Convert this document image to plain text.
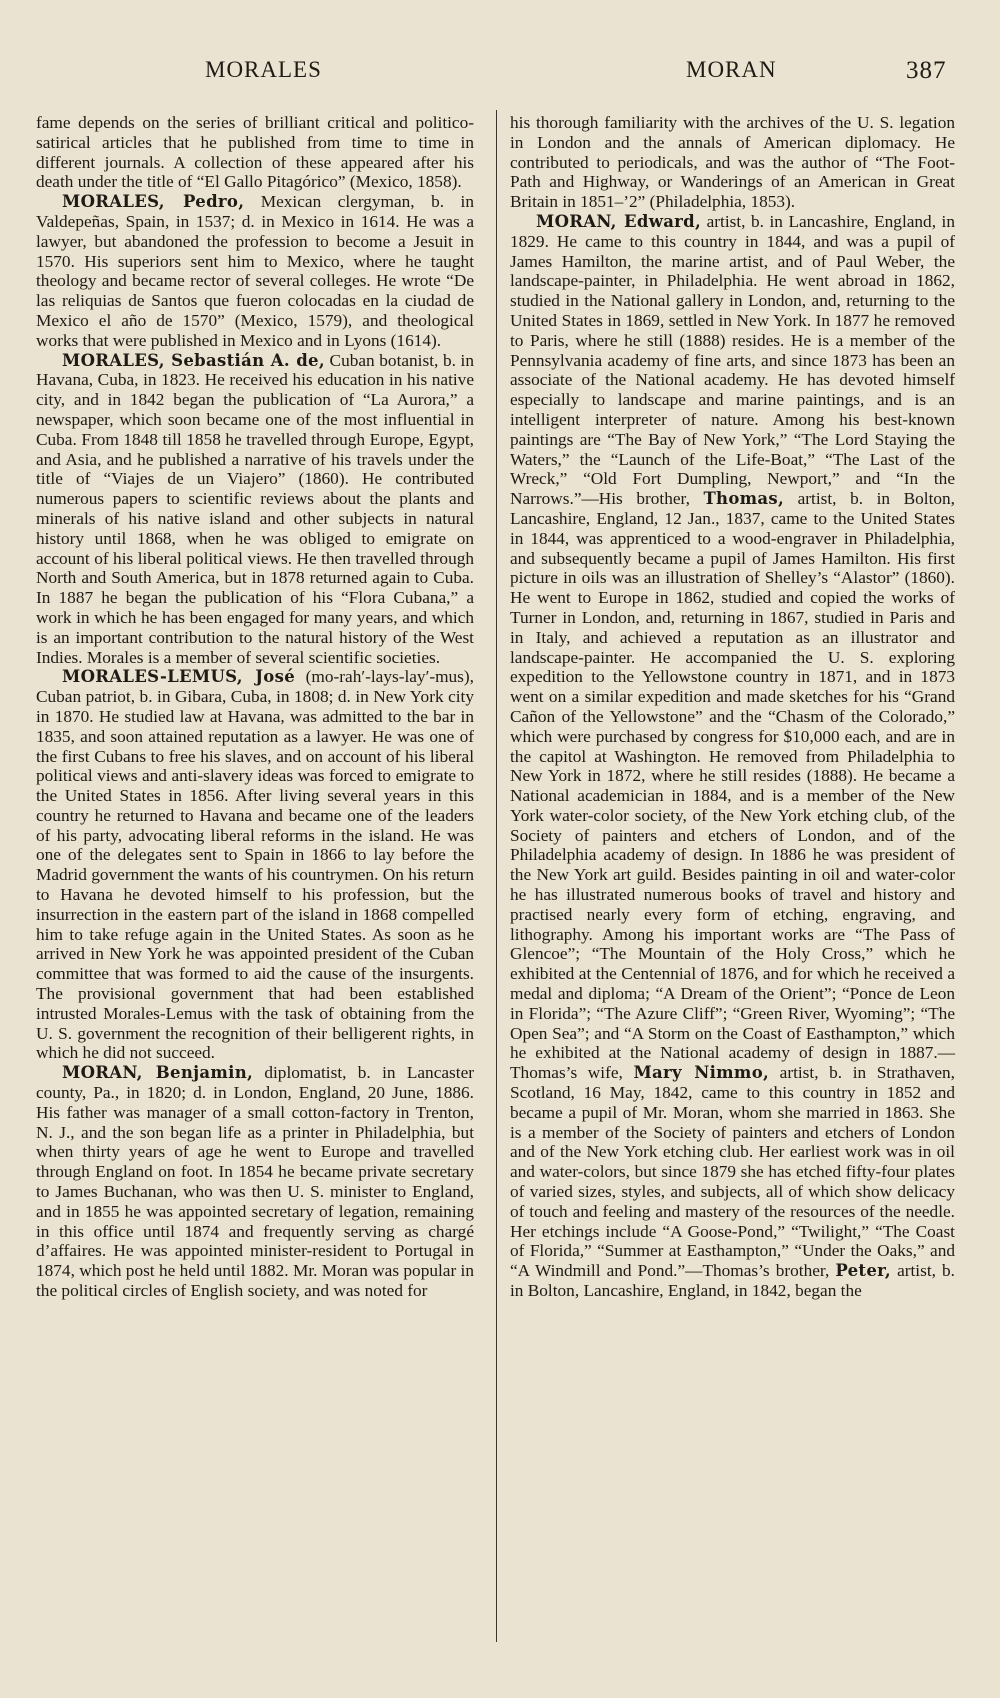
MORALES	MORAN	387

fame depends on the series of brilliant critical and politico-satirical articles that he published from time to time in different journals. A collection of these appeared after his death under the title of “El Gallo Pitagórico” (Mexico, 1858).

MORALES, Pedro, Mexican clergyman, b. in Valdepeñas, Spain, in 1537; d. in Mexico in 1614. He was a lawyer, but abandoned the profession to become a Jesuit in 1570. His superiors sent him to Mexico, where he taught theology and became rector of several colleges. He wrote “De las reliquias de Santos que fueron colocadas en la ciudad de Mexico el año de 1570” (Mexico, 1579), and theological works that were published in Mexico and in Lyons (1614).

MORALES, Sebastián A. de, Cuban botanist, b. in Havana, Cuba, in 1823. He received his education in his native city, and in 1842 began the publication of “La Aurora,” a newspaper, which soon became one of the most influential in Cuba. From 1848 till 1858 he travelled through Europe, Egypt, and Asia, and he published a narrative of his travels under the title of “Viajes de un Viajero” (1860). He contributed numerous papers to scientific reviews about the plants and minerals of his native island and other subjects in natural history until 1868, when he was obliged to emigrate on account of his liberal political views. He then travelled through North and South America, but in 1878 returned again to Cuba. In 1887 he began the publication of his “Flora Cubana,” a work in which he has been engaged for many years, and which is an important contribution to the natural history of the West Indies. Morales is a member of several scientific societies.

MORALES-LEMUS, José (mo-rah′-lays-lay′-mus), Cuban patriot, b. in Gibara, Cuba, in 1808; d. in New York city in 1870. He studied law at Havana, was admitted to the bar in 1835, and soon attained reputation as a lawyer. He was one of the first Cubans to free his slaves, and on account of his liberal political views and anti-slavery ideas was forced to emigrate to the United States in 1856. After living several years in this country he returned to Havana and became one of the leaders of his party, advocating liberal reforms in the island. He was one of the delegates sent to Spain in 1866 to lay before the Madrid government the wants of his countrymen. On his return to Havana he devoted himself to his profession, but the insurrection in the eastern part of the island in 1868 compelled him to take refuge again in the United States. As soon as he arrived in New York he was appointed president of the Cuban committee that was formed to aid the cause of the insurgents. The provisional government that had been established intrusted Morales-Lemus with the task of obtaining from the U. S. government the recognition of their belligerent rights, in which he did not succeed.

MORAN, Benjamin, diplomatist, b. in Lancaster county, Pa., in 1820; d. in London, England, 20 June, 1886. His father was manager of a small cotton-factory in Trenton, N. J., and the son began life as a printer in Philadelphia, but when thirty years of age he went to Europe and travelled through England on foot. In 1854 he became private secretary to James Buchanan, who was then U. S. minister to England, and in 1855 he was appointed secretary of legation, remaining in this office until 1874 and frequently serving as chargé d’affaires. He was appointed minister-resident to Portugal in 1874, which post he held until 1882. Mr. Moran was popular in the political circles of English society, and was noted for

his thorough familiarity with the archives of the U. S. legation in London and the annals of American diplomacy. He contributed to periodicals, and was the author of “The Foot-Path and Highway, or Wanderings of an American in Great Britain in 1851–’2” (Philadelphia, 1853).

MORAN, Edward, artist, b. in Lancashire, England, in 1829. He came to this country in 1844, and was a pupil of James Hamilton, the marine artist, and of Paul Weber, the landscape-painter, in Philadelphia. He went abroad in 1862, studied in the National gallery in London, and, returning to the United States in 1869, settled in New York. In 1877 he removed to Paris, where he still (1888) resides. He is a member of the Pennsylvania academy of fine arts, and since 1873 has been an associate of the National academy. He has devoted himself especially to landscape and marine paintings, and is an intelligent interpreter of nature. Among his best-known paintings are “The Bay of New York,” “The Lord Staying the Waters,” the “Launch of the Life-Boat,” “The Last of the Wreck,” “Old Fort Dumpling, Newport,” and “In the Narrows.”—His brother, Thomas, artist, b. in Bolton, Lancashire, England, 12 Jan., 1837, came to the United States in 1844, was apprenticed to a wood-engraver in Philadelphia, and subsequently became a pupil of James Hamilton. His first picture in oils was an illustration of Shelley’s “Alastor” (1860). He went to Europe in 1862, studied and copied the works of Turner in London, and, returning in 1867, studied in Paris and in Italy, and achieved a reputation as an illustrator and landscape-painter. He accompanied the U. S. exploring expedition to the Yellowstone country in 1871, and in 1873 went on a similar expedition and made sketches for his “Grand Cañon of the Yellowstone” and the “Chasm of the Colorado,” which were purchased by congress for $10,000 each, and are in the capitol at Washington. He removed from Philadelphia to New York in 1872, where he still resides (1888). He became a National academician in 1884, and is a member of the New York water-color society, of the New York etching club, of the Society of painters and etchers of London, and of the Philadelphia academy of design. In 1886 he was president of the New York art guild. Besides painting in oil and water-color he has illustrated numerous books of travel and history and practised nearly every form of etching, engraving, and lithography. Among his important works are “The Pass of Glencoe”; “The Mountain of the Holy Cross,” which he exhibited at the Centennial of 1876, and for which he received a medal and diploma; “A Dream of the Orient”; “Ponce de Leon in Florida”; “The Azure Cliff”; “Green River, Wyoming”; “The Open Sea”; and “A Storm on the Coast of Easthampton,” which he exhibited at the National academy of design in 1887.—Thomas’s wife, Mary Nimmo, artist, b. in Strathaven, Scotland, 16 May, 1842, came to this country in 1852 and became a pupil of Mr. Moran, whom she married in 1863. She is a member of the Society of painters and etchers of London and of the New York etching club. Her earliest work was in oil and water-colors, but since 1879 she has etched fifty-four plates of varied sizes, styles, and subjects, all of which show delicacy of touch and feeling and mastery of the resources of the needle. Her etchings include “A Goose-Pond,” “Twilight,” “The Coast of Florida,” “Summer at Easthampton,” “Under the Oaks,” and “A Windmill and Pond.”—Thomas’s brother, Peter, artist, b. in Bolton, Lancashire, England, in 1842, began the
